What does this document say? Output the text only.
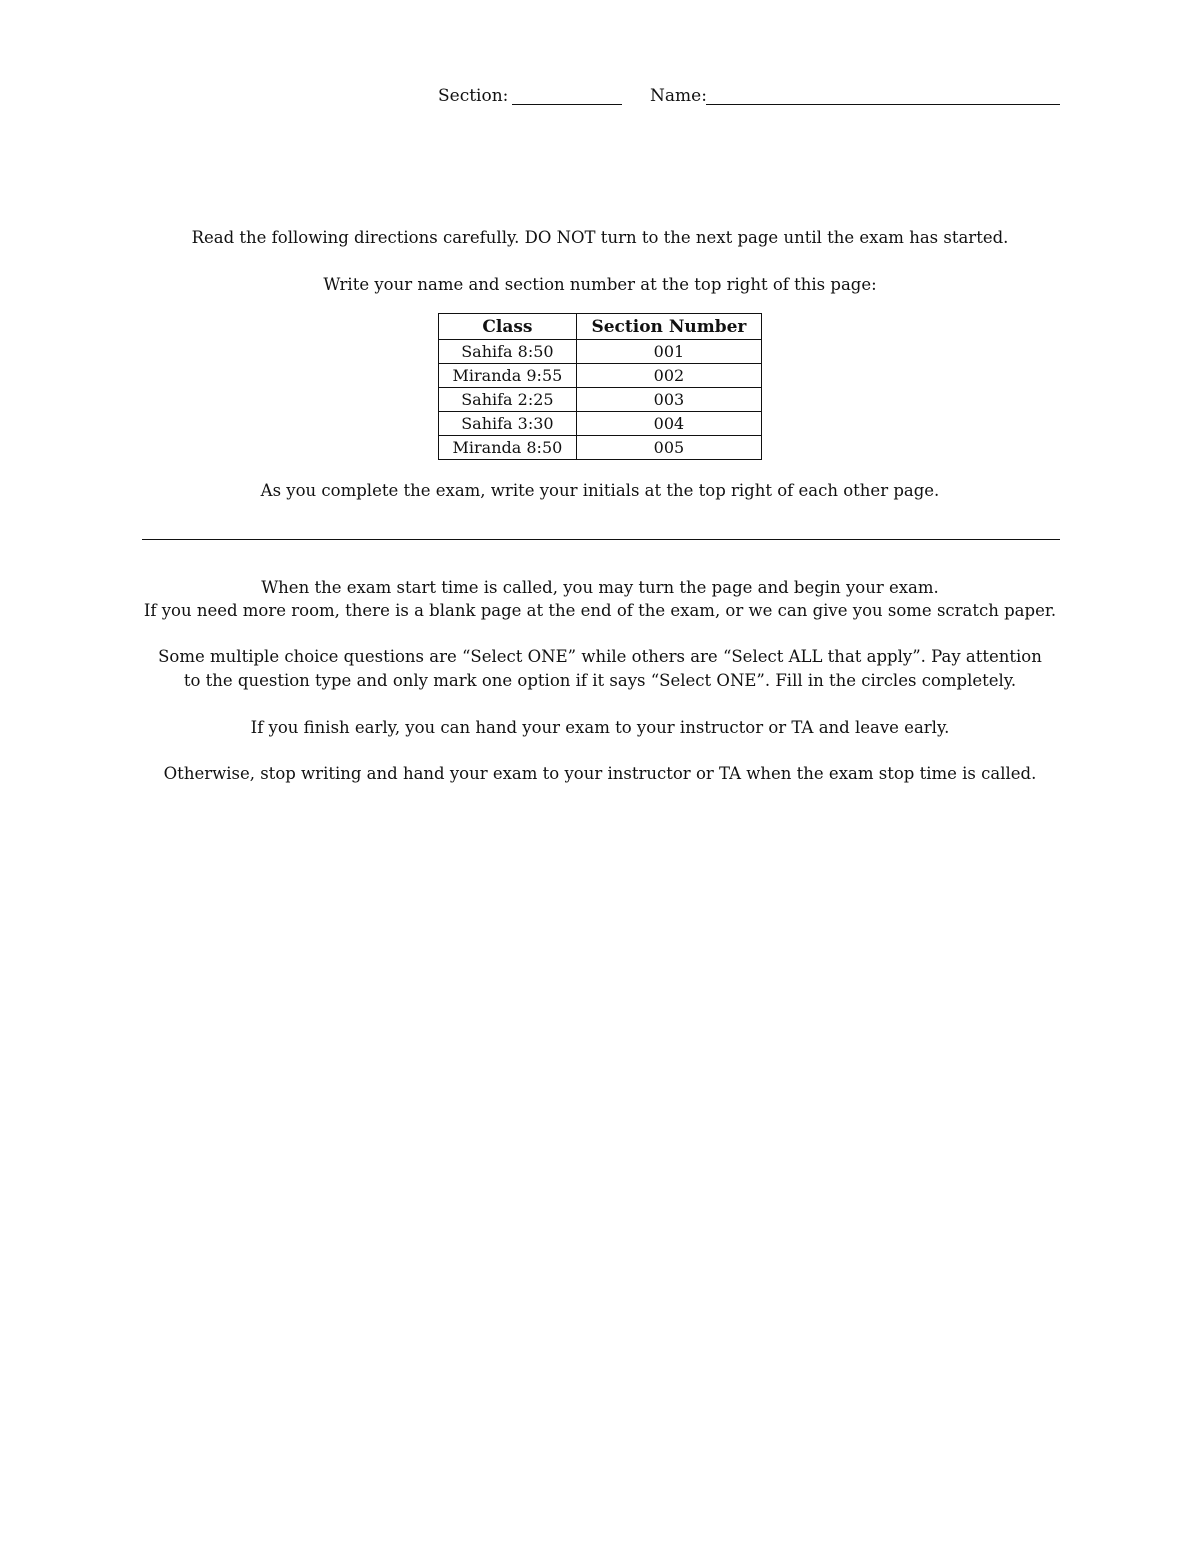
Section:	Name:

Read the following directions carefully. DO NOT turn to the next page until the exam has started.

Write your name and section number at the top right of this page:

Class	Section Number
Sahifa 8:50	001
Miranda 9:55	002
Sahifa 2:25	003
Sahifa 3:30	004
Miranda 8:50	005

As you complete the exam, write your initials at the top right of each other page.

When the exam start time is called, you may turn the page and begin your exam.

If you need more room, there is a blank page at the end of the exam, or we can give you some scratch paper.

Some multiple choice questions are “Select ONE” while others are “Select ALL that apply”. Pay attention

to the question type and only mark one option if it says “Select ONE”. Fill in the circles completely.

If you finish early, you can hand your exam to your instructor or TA and leave early.

Otherwise, stop writing and hand your exam to your instructor or TA when the exam stop time is called.
